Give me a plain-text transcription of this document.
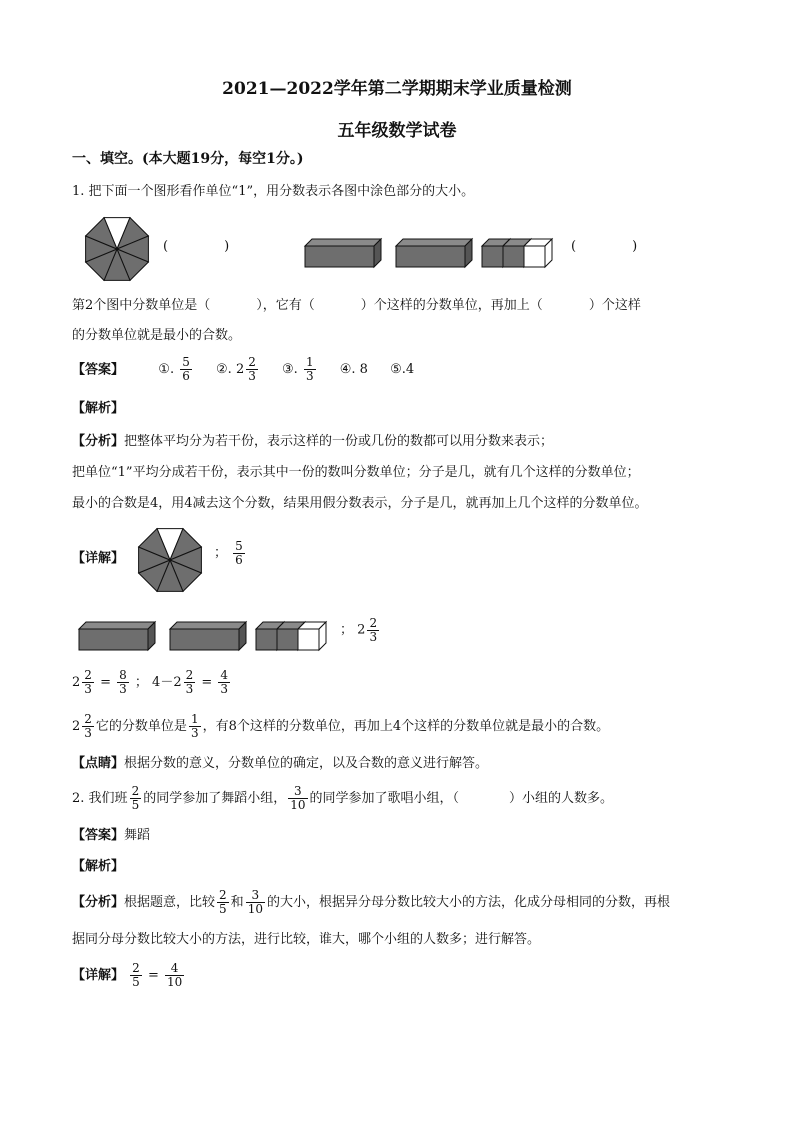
2021—2022学年第二学期期末学业质量检测
五年级数学试卷
一、填空。(本大题19分，每空1分。)
1. 把下面一个图形看作单位“1”，用分数表示各图中涂色部分的大小。
(	)	(	)
第2个图中分数单位是（	），它有（	）个这样的分数单位，再加上（	）个这样
的分数单位就是最小的合数。
【答案】	①. $\frac{5}{6}$ ②. $2 \frac{2}{3}$ ③. $\frac{1}{3}$ ④. 8 ⑤.4
【解析】
【分析】把整体平均分为若干份，表示这样的一份或几份的数都可以用分数来表示；
把单位“1”平均分成若干份，表示其中一份的数叫分数单位；分子是几，就有几个这样的分数单位；
最小的合数是4，用4减去这个分数，结果用假分数表示，分子是几，就再加上几个这样的分数单位。
【详解】	； $\frac{5}{6}$
； $2 \frac{2}{3}$
$2 \frac{2}{3} = \frac{8}{3}$ ； $4-2 \frac{2}{3} = \frac{4}{3}$
$2 \frac{2}{3}$ 它的分数单位是 $\frac{1}{3}$ ，有8个这样的分数单位，再加上4个这样的分数单位就是最小的合数。
【点睛】根据分数的意义，分数单位的确定，以及合数的意义进行解答。
2. 我们班 $\frac{2}{5}$ 的同学参加了舞蹈小组， $\frac{3}{10}$ 的同学参加了歌唱小组，（	）小组的人数多。
【答案】舞蹈
【解析】
【分析】根据题意，比较 $\frac{2}{5}$ 和 $\frac{3}{10}$ 的大小，根据异分母分数比较大小的方法，化成分母相同的分数，再根
据同分母分数比较大小的方法，进行比较，谁大，哪个小组的人数多；进行解答。
【详解】 $\frac{2}{5} = \frac{4}{10}$
